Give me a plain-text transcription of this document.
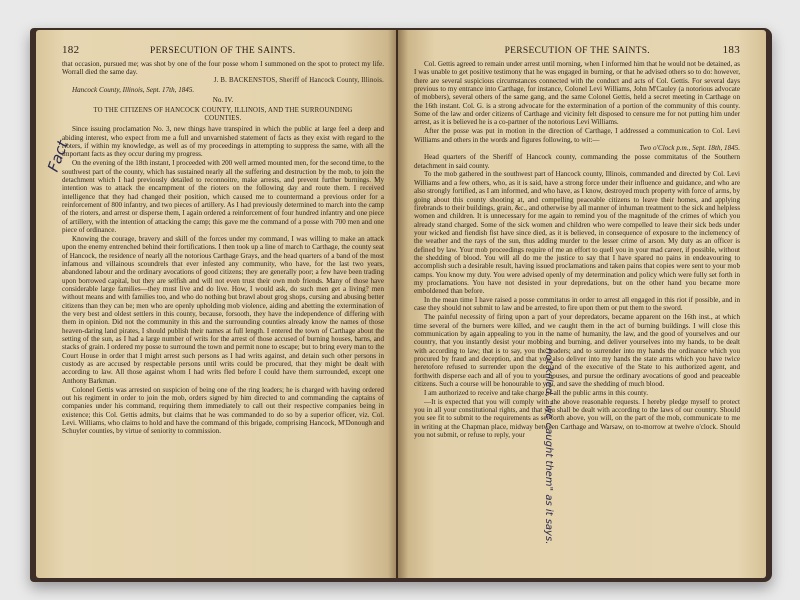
182	PERSECUTION OF THE SAINTS.

that occasion, pursued me; was shot by one of the four posse whom I summoned on the spot to protect my life. Worrall died the same day.

J. B. BACKENSTOS, Sheriff of Hancock County, Illinois.

Hancock County, Illinois, Sept. 17th, 1845.

No. IV.

TO THE CITIZENS OF HANCOCK COUNTY, ILLINOIS, AND THE SURROUNDING COUNTIES.

Since issuing proclamation No. 3, new things have transpired in which the public at large feel a deep and abiding interest, who expect from me a full and unvarnished statement of facts as they exist with regard to the rioters, if within my knowledge, as well as of my proceedings in attempting to suppress the same, with all the important facts as they occur during my progress.

On the evening of the 18th instant, I proceeded with 200 well armed mounted men, for the second time, to the southwest part of the county, which has sustained nearly all the suffering and destruction by the mob, to join the detachment which I had previously detailed to reconnoitre, make arrests, and prevent further burnings. My intention was to attack the encampment of the rioters on the following day and route them. I received intelligence that they had changed their position, which caused me to countermand a previous order for a reinforcement of 800 infantry, and two pieces of artillery. As I had previously determined to march into the camp of the rioters, and arrest or disperse them, I again ordered a reinforcement of four hundred infantry and one piece of artillery, with the intention of attacking the camp; this gave me the command of a posse with 700 men and one piece of ordinance.

Knowing the courage, bravery and skill of the forces under my command, I was willing to make an attack upon the enemy entrenched behind their fortifications. I then took up a line of march to Carthage, the county seat of Hancock, the residence of nearly all the notorious Carthage Grays, and the head quarters of a band of the most infamous and villainous scoundrels that ever infested any community, who have, for the last two years, abandoned labour and the ordinary avocations of good citizens; they are generally poor; a few have been trading upon borrowed capital, but they are selfish and will not even trust their own mob friends. Many of those have considerable large families—they must live and do live. How, I would ask, do such men get a living? men without means and with families too, and who do nothing but brawl about grog shops, cursing and abusing better citizens than they can be; men who are openly upholding mob violence, aiding and abetting the extermination of the very best and oldest settlers in this county, because, forsooth, they have the independence of differing with them in opinion. Did not the community in this and the surrounding counties already know the names of those heaven-daring land pirates, I should publish their names at full length. I entered the town of Carthage about the setting of the sun, as I had a large number of writs for the arrest of those accused of burning houses, barns, and stacks of grain. I ordered my posse to surround the town and permit none to escape; but to bring every man to the Court House in order that I might arrest such persons as I had writs against, and detain such other persons in custody as are accused by respectable persons until writs could be procured, that they might be dealt with according to law. All those against whom I had writs fled before I could have them surrounded, except one Anthony Barkman.

Colonel Gettis was arrested on suspicion of being one of the ring leaders; he is charged with having ordered out his regiment in order to join the mob, orders signed by him directed to and commanding the captains of companies under his command, requiring them immediately to call out their respective companies being in existence; this Col. Gettis admits, but claims that he was commanded to do so by a superior officer, viz. Col. Levi. Williams, who claims to hold and have the command of this brigade, comprising Hancock, M'Donough and Schuyler counties, by virtue of seniority to commission.

Fact
PERSECUTION OF THE SAINTS.	183

Col. Gettis agreed to remain under arrest until morning, when I informed him that he would not be detained, as I was unable to get positive testimony that he was engaged in burning, or that he advised others so to do: however, there are several suspicious circumstances connected with the conduct and acts of Col. Gettis. For several days previous to my entrance into Carthage, for instance, Colonel Levi Williams, John M'Cauley (a notorious advocate of mobbers), several others of the same gang, and the same Colonel Gettis, held a secret meeting in Carthage on the 16th instant. Col. G. is a strong advocate for the extermination of a portion of the community of this county. Some of the law and order citizens of Carthage and vicinity felt disposed to censure me for not putting him under arrest, as it is believed he is a co-partner of the notorious Levi Williams.

After the posse was put in motion in the direction of Carthage, I addressed a communication to Col. Levi Williams and others in the words and figures following, to wit:—

Two o'Clock p.m., Sept. 18th, 1845.

Head quarters of the Sheriff of Hancock county, commanding the posse commitatus of the Southern detachment in said county.

To the mob gathered in the southwest part of Hancock county, Illinois, commanded and directed by Col. Levi Williams and a few others, who, as it is said, have a strong force under their influence and guidance, and who are also strongly fortified, as I am informed, and who have, as I know, destroyed much property with force of arms, by going about this county shooting at, and compelling peaceable citizens to leave their homes, and applying firebrands to their buildings, grain, &c., and otherwise by all manner of inhuman treatment to the sick and helpless women and children. It is unnecessary for me again to remind you of the magnitude of the crimes of which you already stand charged. Some of the sick women and children who were compelled to leave their sick beds under your wicked and fiendish fist have since died, as it is believed, in consequence of exposure to the inclemency of the weather and the rays of the sun, thus adding murder to the lesser crime of arson. My duty as an officer is defined by law. Your mob proceedings require of me an effort to quell you in your mad career, if possible, without the shedding of blood. You will all do me the justice to say that I have spared no pains in endeavouring to accomplish such a desirable result, having issued proclamations and taken pains that copies were sent to your mob camps. You know my duty. You were advised openly of my determination and policy which were fully set forth in my proclamations. You have not desisted in your depredations, but on the other hand you became more emboldened than before.

In the mean time I have raised a posse commitatus in order to arrest all engaged in this riot if possible, and in case they should not submit to law and be arrested, to fire upon them or put them to the sword.

The painful necessity of firing upon a part of your depredators, became apparent on the 16th inst., at which time several of the burners were killed, and we caught them in the act of burning buildings. I will close this communication by again appealing to you in the name of humanity, the law, and the good of yourselves and our country, that you instantly desist your mobbing and burning, and deliver yourselves into my hands, to be dealt with according to law; that is to say, you the leaders; and to surrender into my hands the ordinance which you procured by fraud and deception, and that you also deliver into my hands the state arms which you have twice heretofore refused to surrender upon the demand of the executive of the State to his authorized agent, and forthwith disperse each and all of you to your houses, and pursue the ordinary avocations of good and peaceable citizens. Such a course will be honourable to you, and save the shedding of much blood.

I am authorized to receive and take charge of all the public arms in this county.

—It is expected that you will comply with the above reasonable requests. I hereby pledge myself to protect you in all your constitutional rights, and that you shall be dealt with according to the laws of our country. Should you see fit to submit to the requirements as set forth above, you will, on the part of the mob, communicate to me in writing at the Chapman place, midway between Carthage and Warsaw, on to-morrow at twelve o'clock. Should you not submit, or refuse to reply, your	not killed, "we caught them" as it says.
